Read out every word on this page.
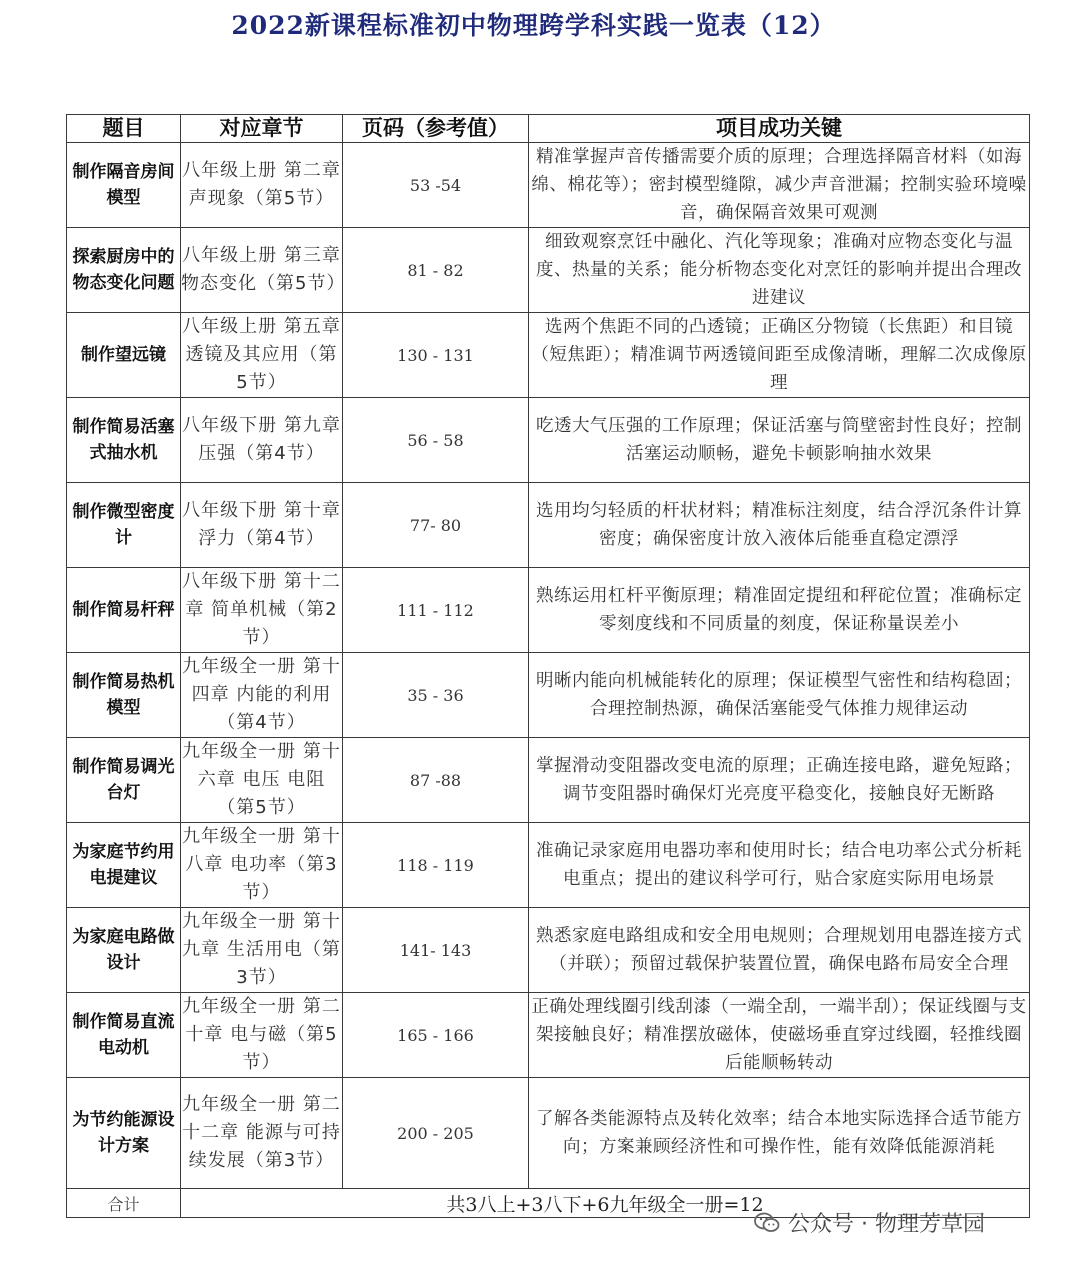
2022新课程标准初中物理跨学科实践一览表（12）
题目	对应章节	页码（参考值）	项目成功关键
制作隔音房间模型	八年级上册 第二章 声现象（第5节）	53 -54	精准掌握声音传播需要介质的原理；合理选择隔音材料（如海绵、棉花等）；密封模型缝隙，减少声音泄漏；控制实验环境噪音，确保隔音效果可观测
探索厨房中的物态变化问题	八年级上册 第三章 物态变化（第5节）	81 - 82	细致观察烹饪中融化、汽化等现象；准确对应物态变化与温度、热量的关系；能分析物态变化对烹饪的影响并提出合理改进建议
制作望远镜	八年级上册 第五章 透镜及其应用（第5节）	130 - 131	选两个焦距不同的凸透镜；正确区分物镜（长焦距）和目镜（短焦距）；精准调节两透镜间距至成像清晰，理解二次成像原理
制作简易活塞式抽水机	八年级下册 第九章 压强（第4节）	56 - 58	吃透大气压强的工作原理；保证活塞与筒壁密封性良好；控制活塞运动顺畅，避免卡顿影响抽水效果
制作微型密度计	八年级下册 第十章 浮力（第4节）	77- 80	选用均匀轻质的杆状材料；精准标注刻度，结合浮沉条件计算密度；确保密度计放入液体后能垂直稳定漂浮
制作简易杆秤	八年级下册 第十二章 简单机械（第2节）	111 - 112	熟练运用杠杆平衡原理；精准固定提纽和秤砣位置；准确标定零刻度线和不同质量的刻度，保证称量误差小
制作简易热机模型	九年级全一册 第十四章 内能的利用（第4节）	35 - 36	明晰内能向机械能转化的原理；保证模型气密性和结构稳固；合理控制热源，确保活塞能受气体推力规律运动
制作简易调光台灯	九年级全一册 第十六章 电压 电阻（第5节）	87 -88	掌握滑动变阻器改变电流的原理；正确连接电路，避免短路；调节变阻器时确保灯光亮度平稳变化，接触良好无断路
为家庭节约用电提建议	九年级全一册 第十八章 电功率（第3节）	118 - 119	准确记录家庭用电器功率和使用时长；结合电功率公式分析耗电重点；提出的建议科学可行，贴合家庭实际用电场景
为家庭电路做设计	九年级全一册 第十九章 生活用电（第3节）	141- 143	熟悉家庭电路组成和安全用电规则；合理规划用电器连接方式（并联）；预留过载保护装置位置，确保电路布局安全合理
制作简易直流电动机	九年级全一册 第二十章 电与磁（第5节）	165 - 166	正确处理线圈引线刮漆（一端全刮，一端半刮）；保证线圈与支架接触良好；精准摆放磁体，使磁场垂直穿过线圈，轻推线圈后能顺畅转动
为节约能源设计方案	九年级全一册 第二十二章 能源与可持续发展（第3节）	200 - 205	了解各类能源特点及转化效率；结合本地实际选择合适节能方向；方案兼顾经济性和可操作性，能有效降低能源消耗
合计	共3八上+3八下+6九年级全一册=12		
公众号 · 物理芳草园
